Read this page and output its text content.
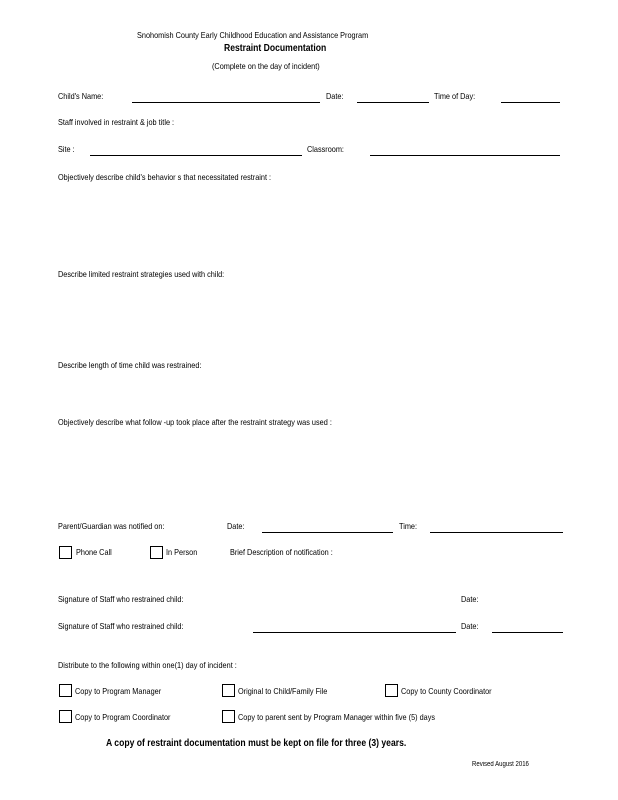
Snohomish County Early Childhood Education and Assistance Program
Restraint Documentation
(Complete on the day of incident)
Child's Name:	Date:	Time of Day:
Staff involved in restraint & job title :
Site :	Classroom:
Objectively describe child's behavior s that necessitated restraint :
Describe limited restraint strategies used with child:
Describe length of time child was restrained:
Objectively describe what follow -up took place after the restraint strategy was used :
Parent/Guardian was notified on:	Date:	Time:
Phone Call	In Person	Brief Description of notification :
Signature of Staff who restrained child:	Date:
Signature of Staff who restrained child:	Date:
Distribute to the following within one(1) day of incident :
Copy to Program Manager	Original to Child/Family File	Copy to County Coordinator
Copy to Program Coordinator	Copy to parent sent by Program Manager within five (5) days
A copy of restraint documentation must be kept on file for three (3) years.
Revised August 2016
